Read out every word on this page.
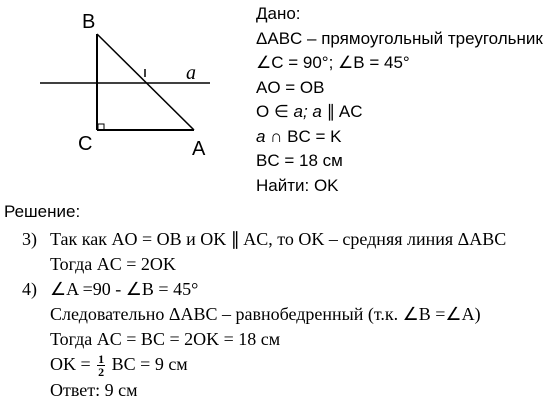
B
C	A
a
Дано:
ΔABC – прямоугольный треугольник
∠C = 90°; ∠B = 45°
AO = OB
O ∈ a; a ∥ AC
a ∩ BC = K
BC = 18 см
Найти: OK
Решение:
3) Так как AO = OB и OK ∥ AC, то OK – средняя линия ΔABC
Тогда AC = 2OK
4) ∠A =90 - ∠B = 45°
Следовательно ΔABC – равнобедренный (т.к. ∠B =∠A)
Тогда AC = BC = 2OK = 18 см
OK = $\frac{1}{2}$ BC = 9 см
Ответ: 9 см
